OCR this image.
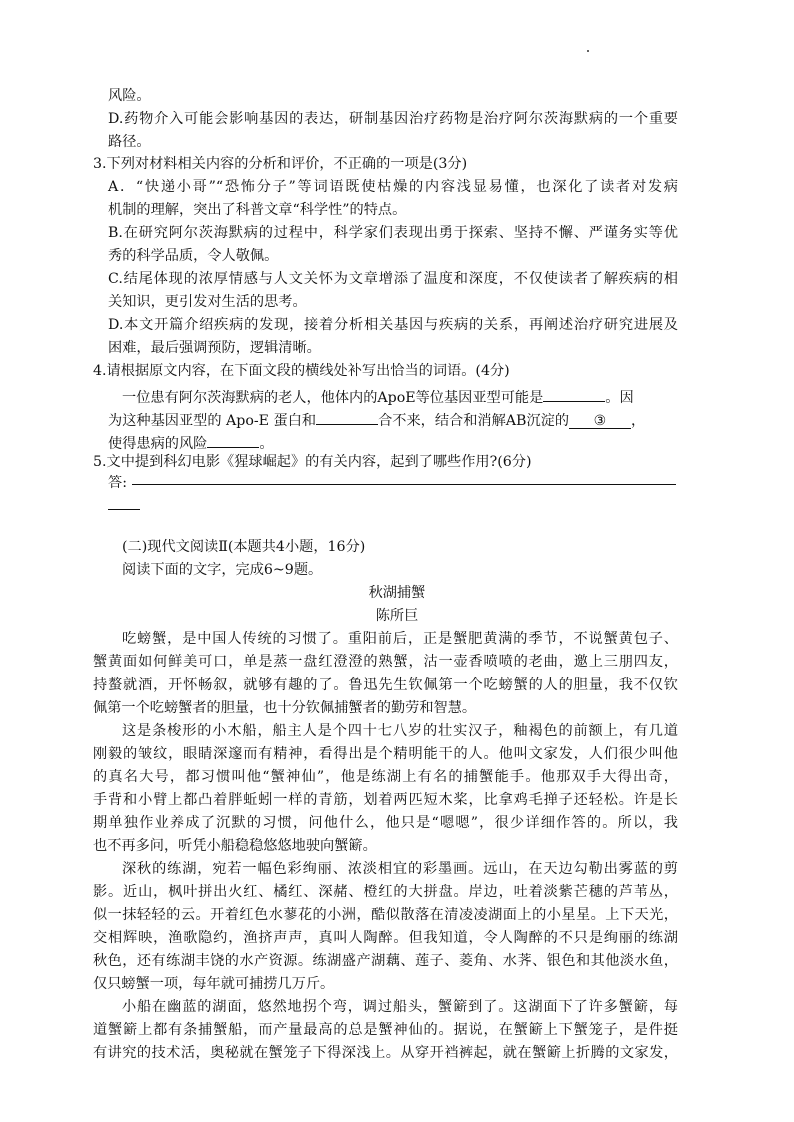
风险。
D.药物介入可能会影响基因的表达，研制基因治疗药物是治疗阿尔茨海默病的一个重要
路径。
3.下列对材料相关内容的分析和评价，不正确的一项是(3分)
A．“快递小哥”“恐怖分子”等词语既使枯燥的内容浅显易懂，也深化了读者对发病
机制的理解，突出了科普文章“科学性”的特点。
B.在研究阿尔茨海默病的过程中，科学家们表现出勇于探索、坚持不懈、严谨务实等优
秀的科学品质，令人敬佩。
C.结尾体现的浓厚情感与人文关怀为文章增添了温度和深度，不仅使读者了解疾病的相
关知识，更引发对生活的思考。
D.本文开篇介绍疾病的发现，接着分析相关基因与疾病的关系，再阐述治疗研究进展及
困难，最后强调预防，逻辑清晰。
4.请根据原文内容，在下面文段的横线处补写出恰当的词语。(4分)
一位患有阿尔茨海默病的老人，他体内的ApoE等位基因亚型可能是	。因
为这种基因亚型的 Apo-E 蛋白和	合不来，结合和消解AB沉淀的 ③ ，
使得患病的风险	。
5.文中提到科幻电影《猩球崛起》的有关内容，起到了哪些作用?(6分)
答:
(二)现代文阅读Ⅱ(本题共4小题，16分)
阅读下面的文字，完成6~9题。
秋湖捕蟹
陈所巨
吃螃蟹，是中国人传统的习惯了。重阳前后，正是蟹肥黄满的季节，不说蟹黄包子、
蟹黄面如何鲜美可口，单是蒸一盘红澄澄的熟蟹，沽一壶香喷喷的老曲，邀上三朋四友，
持螯就酒，开怀畅叙，就够有趣的了。鲁迅先生钦佩第一个吃螃蟹的人的胆量，我不仅钦
佩第一个吃螃蟹者的胆量，也十分钦佩捕蟹者的勤劳和智慧。
这是条梭形的小木船，船主人是个四十七八岁的壮实汉子，釉褐色的前额上，有几道
刚毅的皱纹，眼睛深邃而有精神，看得出是个精明能干的人。他叫文家发，人们很少叫他
的真名大号，都习惯叫他“蟹神仙”，他是练湖上有名的捕蟹能手。他那双手大得出奇，
手背和小臂上都凸着胖蚯蚓一样的青筋，划着两匹短木桨，比拿鸡毛掸子还轻松。许是长
期单独作业养成了沉默的习惯，问他什么，他只是“嗯嗯”，很少详细作答的。所以，我
也不再多问，听凭小船稳稳悠悠地驶向蟹簖。
深秋的练湖，宛若一幅色彩绚丽、浓淡相宜的彩墨画。远山，在天边勾勒出雾蓝的剪
影。近山，枫叶拼出火红、橘红、深赭、橙红的大拼盘。岸边，吐着淡紫芒穗的芦苇丛，
似一抹轻轻的云。开着红色水蓼花的小洲，酷似散落在清凌凌湖面上的小星星。上下天光，
交相辉映，渔歌隐约，渔挤声声，真叫人陶醉。但我知道，令人陶醉的不只是绚丽的练湖
秋色，还有练湖丰饶的水产资源。练湖盛产湖藕、莲子、菱角、水荠、银色和其他淡水鱼，
仅只螃蟹一项，每年就可捕捞几万斤。
小船在幽蓝的湖面，悠然地拐个弯，调过船头，蟹簖到了。这湖面下了许多蟹簖，每
道蟹簖上都有条捕蟹船，而产量最高的总是蟹神仙的。据说，在蟹簖上下蟹笼子，是件挺
有讲究的技术活，奥秘就在蟹笼子下得深浅上。从穿开裆裤起，就在蟹簖上折腾的文家发，
